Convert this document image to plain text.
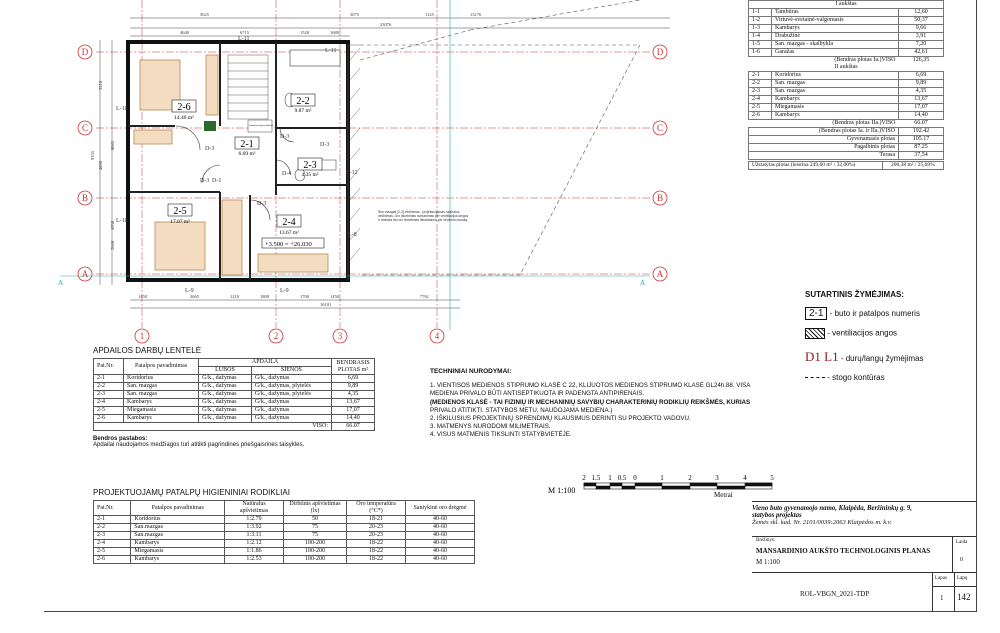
D
C
B
A
D
C
B
A
1	2	3	4
5625	13176
3075	1125
23076
4640	6715	1520	1680
3210
8045
4890
2660
9355
4950
1450	3665	1210	1800	1700	1450	7761
16101
A	A
2-6
2-2
2-1
2-3
2-5
2-4
14.40 m²
9.87 m²
6.69 m²
4.35 m²
17.07 m²
13.67 m²
L-11
L-10
L-10
L-9	L-9
L-8
L-11
D-3
D-3
D-3
D-3
D-3
D-4
D-1
L-12
+3.500 = +26.030
Sanitarinio mazgo ventiliacija
Šen.mazgas [2-3] vėdinimas - projektuojamas natūralus vėdinimas. Oro įsiurbimas numatomas per ventiliacijos langus ir orlaides bei oro išmetimas ištraukiama per vėdinimo kanalą
I aukštas		
1-1	Tambūras	12,60
1-2	Virtuvė-svetainė-valgomasis	50,37
1-3	Kambarys	9,66
1-4	Drabužinė	3,91
1-5	San. mazgas - skalbykla	7,20
1-6	Garažas	42,61
(Bendras plotas Ia.)VISO		126,35
II aukštas		
2-1	Koridorius	6,69
2-2	San. mazgas	9,89
2-3	San. mazgas	4,35
2-4	Kambarys	13,67
2-5	Miegamasis	17,07
2-6	Kambarys	14,40
(Bendras plotas IIa.)VISO		66.07
(Bendras plotas Ia. ir IIa.)VISO		192.42
Gyvenamasis plotas		105.17
Pagalbinis plotas		87.25
Terasa		37,54
Užstatytas plotas (leistina 249,60 m² / 32,00%)	200,38 m² / 25,69%
SUTARTINIS ŽYMĖJIMAS:
2-1 - buto ir patalpos numeris
- ventiliacijos angos
D1 L1 - durų/langų žymėjimas
- stogo kontūras
APDAILOS DARBŲ LENTELĖ
Pat.Nr.	Patalpos pavadinimas	APDAILA		BENDRASIS PLOTAS m²
		LUBOS	SIENOS	
2-1	Koridorius	G/k., dažymas	G/k., dažymas	6,69
2-2	San. mazgas	G/k., dažymas	G/k., dažymas, plytelės	9,89
2-3	San. mazgas	G/k., dažymas	G/k., dažymas, plytelės	4,35
2-4	Kambarys	G/k., dažymas	G/k., dažymas	13,67
2-5	Miegamasis	G/k., dažymas	G/k., dažymas	17,07
2-6	Kambarys	G/k., dažymas	G/k., dažymas	14,40
VISO:				66.07
Bendros pastabos:
Apdailai naudojamos medžiagos turi atitikti pagrindines priešgaisrines taisykles.
PROJEKTUOJAMŲ PATALPŲ HIGIENINIAI RODIKLIAI
Pat.Nr.	Patalpos pavadinimas	Natūralus apšvietimas	Dirbtinis apšvietimas (lx)	Oro temperatūra (°C*)	Santykinė oro drėgmė
2-1	Koridorius	1:2.79	50	18-21	40-60
2-2	San.mazgas	1:3.92	75	20-23	40-60
2-3	San.mazgas	1:3.11	75	20-23	40-60
2-4	Kambarys	1:2.12	100-200	18-22	40-60
2-5	Miegamasis	1:1.86	100-200	18-22	40-60
2-6	Kambarys	1:2.53	100-200	18-22	40-60
TECHNINIAI NURODYMAI:
1. VIENTISOS MEDIENOS STIPRUMO KLASĖ C 22, KLIJUOTOS MEDIENOS STIPRUMO KLASĖ GL24h.88. VISA
MEDIENA PRIVALO BŪTI ANTISEPTIKUOTA IR PADENGTA ANTIPIRENAIS.
(MEDIENOS KLASĖ - TAI FIZINIŲ IR MECHANINIŲ SAVYBIŲ CHARAKTERINIŲ RODIKLIŲ REIKŠMĖS, KURIAS
PRIVALO ATITIKTI. STATYBOS METU, NAUDOJAMA MEDIENA.)
2. IŠKILUSIUS PROJEKTINIŲ SPRENDIMŲ KLAUSIMUS DERINTI SU PROJEKTO VADOVU.
3. MATMENYS NURODOMI MILIMETRAIS.
4. VISUS MATMENIS TIKSLINTI STATYBVIETĖJE.
2 1.5 1 0.5 0	1	2	3	4	5
M 1:100	Metrai
Vieno buto gyvenamojo namo, Klaipėda, Beržininkų g. 9,
statybos projektas
Žemės skl. kad. Nr. 2101/0039:2063 Klaipėdos m. k.v.
Brėžinys:
MANSARDINIO AUKŠTO TECHNOLOGINIS PLANAS
M 1:100
Laida
0
ROL-VBGN_2021-TDP
Lapas Lapų
1 142
